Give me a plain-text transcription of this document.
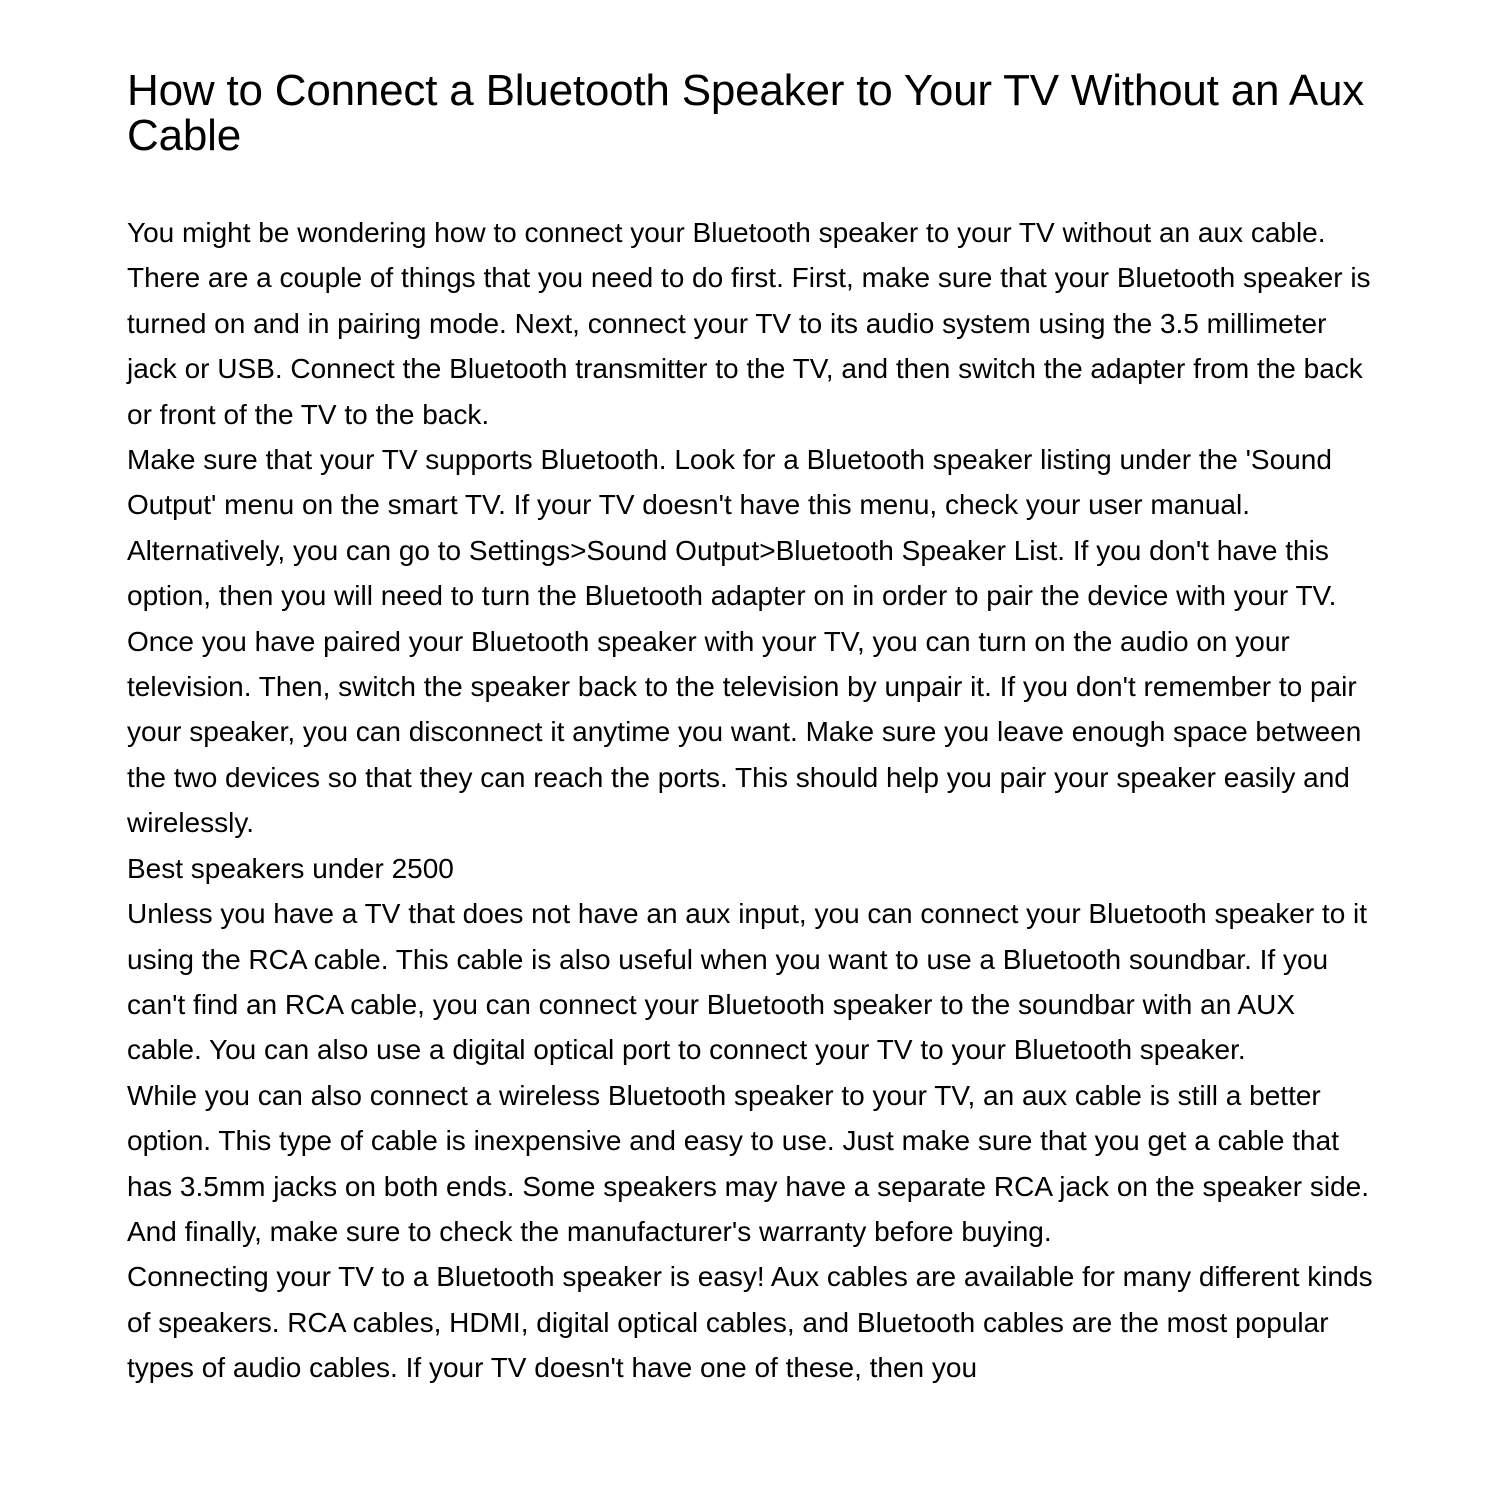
How to Connect a Bluetooth Speaker to Your TV Without an Aux Cable

You might be wondering how to connect your Bluetooth speaker to your TV without an aux cable. There are a couple of things that you need to do first. First, make sure that your Bluetooth speaker is turned on and in pairing mode. Next, connect your TV to its audio system using the 3.5 millimeter jack or USB. Connect the Bluetooth transmitter to the TV, and then switch the adapter from the back or front of the TV to the back.

Make sure that your TV supports Bluetooth. Look for a Bluetooth speaker listing under the 'Sound Output' menu on the smart TV. If your TV doesn't have this menu, check your user manual. Alternatively, you can go to Settings>Sound Output>Bluetooth Speaker List. If you don't have this option, then you will need to turn the Bluetooth adapter on in order to pair the device with your TV.

Once you have paired your Bluetooth speaker with your TV, you can turn on the audio on your television. Then, switch the speaker back to the television by unpair it. If you don't remember to pair your speaker, you can disconnect it anytime you want. Make sure you leave enough space between the two devices so that they can reach the ports. This should help you pair your speaker easily and wirelessly.

Best speakers under 2500

Unless you have a TV that does not have an aux input, you can connect your Bluetooth speaker to it using the RCA cable. This cable is also useful when you want to use a Bluetooth soundbar. If you can't find an RCA cable, you can connect your Bluetooth speaker to the soundbar with an AUX cable. You can also use a digital optical port to connect your TV to your Bluetooth speaker.

While you can also connect a wireless Bluetooth speaker to your TV, an aux cable is still a better option. This type of cable is inexpensive and easy to use. Just make sure that you get a cable that has 3.5mm jacks on both ends. Some speakers may have a separate RCA jack on the speaker side. And finally, make sure to check the manufacturer's warranty before buying.

Connecting your TV to a Bluetooth speaker is easy! Aux cables are available for many different kinds of speakers. RCA cables, HDMI, digital optical cables, and Bluetooth cables are the most popular types of audio cables. If your TV doesn't have one of these, then you
